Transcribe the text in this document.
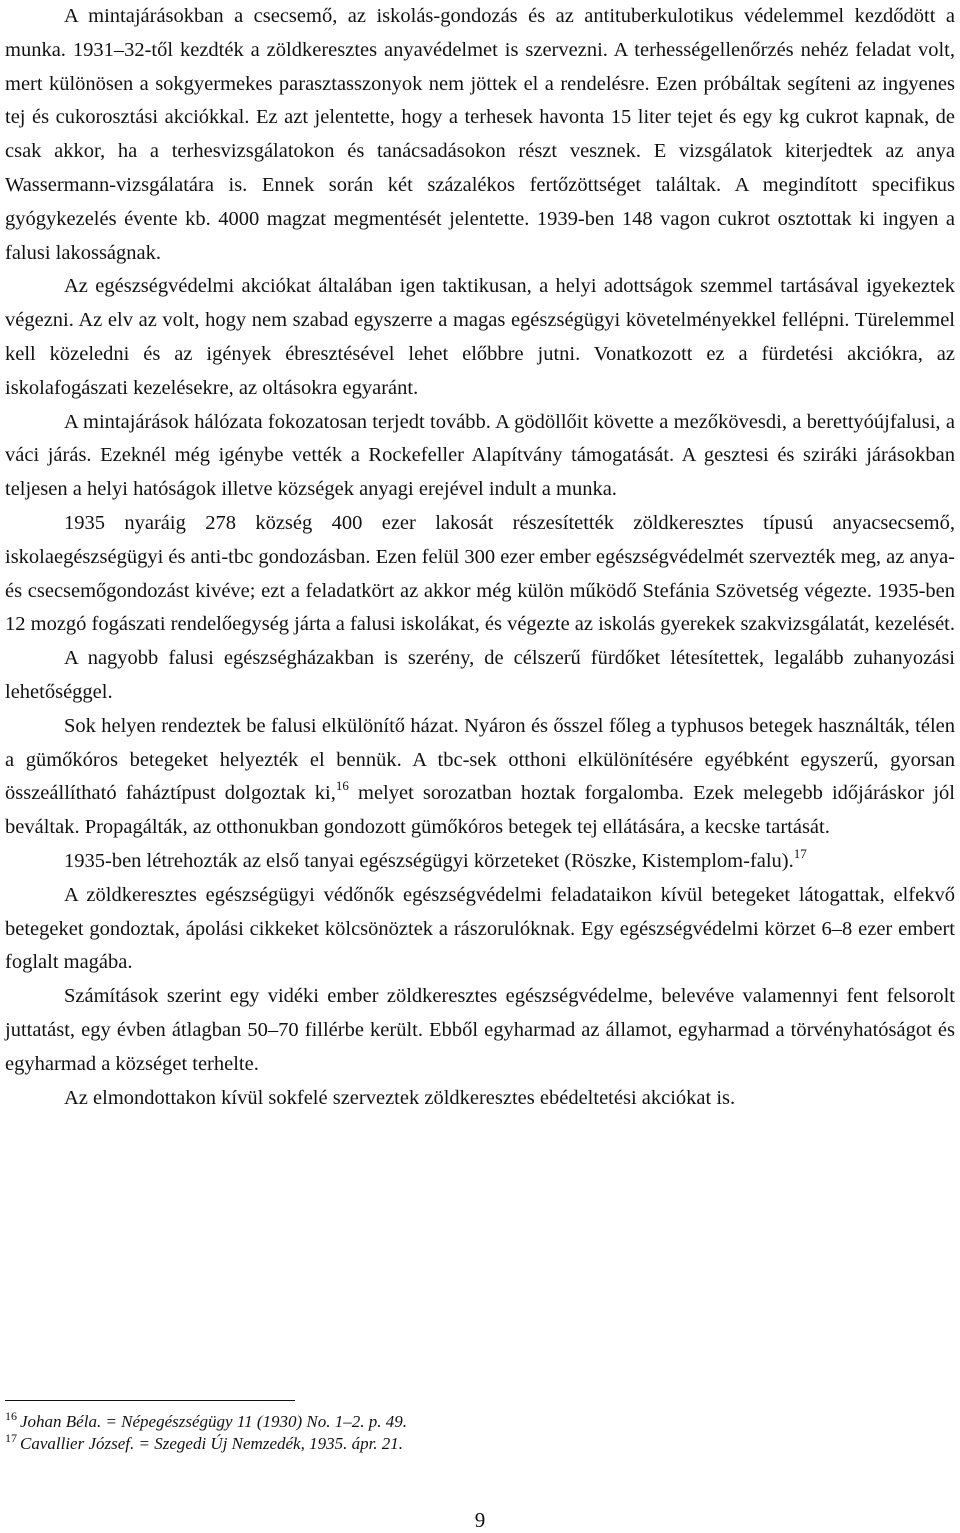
A mintajárásokban a csecsemő, az iskolás-gondozás és az antituberkulotikus védelemmel kezdődött a munka. 1931–32-től kezdték a zöldkeresztes anyavédelmet is szervezni. A terhességellenőrzés nehéz feladat volt, mert különösen a sokgyermekes parasztasszonyok nem jöttek el a rendelésre. Ezen próbáltak segíteni az ingyenes tej és cukorosztási akciókkal. Ez azt jelentette, hogy a terhesek havonta 15 liter tejet és egy kg cukrot kapnak, de csak akkor, ha a terhesvizsgálatokon és tanácsadásokon részt vesznek. E vizsgálatok kiterjedtek az anya Wassermann-vizsgálatára is. Ennek során két százalékos fertőzöttséget találtak. A megindított specifikus gyógykezelés évente kb. 4000 magzat megmentését jelentette. 1939-ben 148 vagon cukrot osztottak ki ingyen a falusi lakosságnak.

Az egészségvédelmi akciókat általában igen taktikusan, a helyi adottságok szemmel tartásával igyekeztek végezni. Az elv az volt, hogy nem szabad egyszerre a magas egészségügyi követelményekkel fellépni. Türelemmel kell közeledni és az igények ébresztésével lehet előbbre jutni. Vonatkozott ez a fürdetési akciókra, az iskolafogászati kezelésekre, az oltásokra egyaránt.

A mintajárások hálózata fokozatosan terjedt tovább. A gödöllőit követte a mezőkövesdi, a berettyóújfalusi, a váci járás. Ezeknél még igénybe vették a Rockefeller Alapítvány támogatását. A gesztesi és sziráki járásokban teljesen a helyi hatóságok illetve községek anyagi erejével indult a munka.

1935 nyaráig 278 község 400 ezer lakosát részesítették zöldkeresztes típusú anyacsecsemő, iskolaegészségügyi és anti-tbc gondozásban. Ezen felül 300 ezer ember egészségvédelmét szervezték meg, az anya- és csecsemőgondozást kivéve; ezt a feladatkört az akkor még külön működő Stefánia Szövetség végezte. 1935-ben 12 mozgó fogászati rendelőegység járta a falusi iskolákat, és végezte az iskolás gyerekek szakvizsgálatát, kezelését.

A nagyobb falusi egészségházakban is szerény, de célszerű fürdőket létesítettek, legalább zuhanyozási lehetőséggel.

Sok helyen rendeztek be falusi elkülönítő házat. Nyáron és ősszel főleg a typhusos betegek használták, télen a gümőkóros betegeket helyezték el bennük. A tbc-sek otthoni elkülönítésére egyébként egyszerű, gyorsan összeállítható faháztípust dolgoztak ki,$^{16}$ melyet sorozatban hoztak forgalomba. Ezek melegebb időjáráskor jól beváltak. Propagálták, az otthonukban gondozott gümőkóros betegek tej ellátására, a kecske tartását.

1935-ben létrehozták az első tanyai egészségügyi körzeteket (Röszke, Kistemplom-falu).$^{17}$

A zöldkeresztes egészségügyi védőnők egészségvédelmi feladataikon kívül betegeket látogattak, elfekvő betegeket gondoztak, ápolási cikkeket kölcsönöztek a rászorulóknak. Egy egészségvédelmi körzet 6–8 ezer embert foglalt magába.

Számítások szerint egy vidéki ember zöldkeresztes egészségvédelme, belevéve valamennyi fent felsorolt juttatást, egy évben átlagban 50–70 fillérbe került. Ebből egyharmad az államot, egyharmad a törvényhatóságot és egyharmad a községet terhelte.

Az elmondottakon kívül sokfelé szerveztek zöldkeresztes ebédeltetési akciókat is.

$^{16}$ Johan Béla. = Népegészségügy 11 (1930) No. 1–2. p. 49.
$^{17}$ Cavallier József. = Szegedi Új Nemzedék, 1935. ápr. 21.
9
